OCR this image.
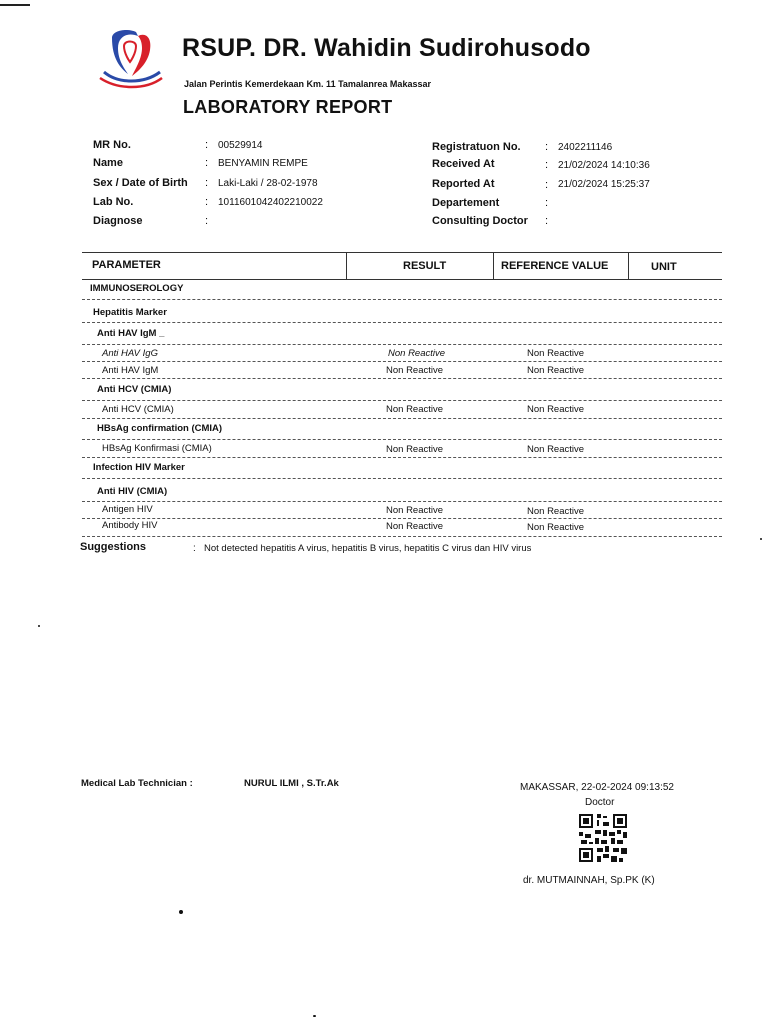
RSUP. DR. Wahidin Sudirohusodo
Jalan Perintis Kemerdekaan Km. 11 Tamalanrea Makassar
LABORATORY REPORT
MR No.	: 00529914
Name	: BENYAMIN REMPE
Sex / Date of Birth : Laki-Laki / 28-02-1978
Lab No.	: 1011601042402210022
Diagnose	:
Registratuon No. : 2402211146
Received At	: 21/02/2024 14:10:36
Reported At	: 21/02/2024 15:25:37
Departement	:
Consulting Doctor :
PARAMETER	RESULT	REFERENCE VALUE	UNIT
IMMUNOSEROLOGY
Hepatitis Marker
Anti HAV IgM _
Anti HAV IgG	Non Reactive	Non Reactive
Anti HAV IgM	Non Reactive	Non Reactive
Anti HCV (CMIA)
Anti HCV (CMIA)	Non Reactive	Non Reactive
HBsAg confirmation (CMIA)
HBsAg Konfirmasi (CMIA)	Non Reactive	Non Reactive
Infection HIV Marker
Anti HIV (CMIA)
Antigen HIV	Non Reactive	Non Reactive
Antibody HIV	Non Reactive	Non Reactive
Suggestions	: Not detected hepatitis A virus, hepatitis B virus, hepatitis C virus dan HIV virus
Medical Lab Technician :	NURUL ILMI , S.Tr.Ak	MAKASSAR, 22-02-2024 09:13:52
Doctor
dr. MUTMAINNAH, Sp.PK (K)
